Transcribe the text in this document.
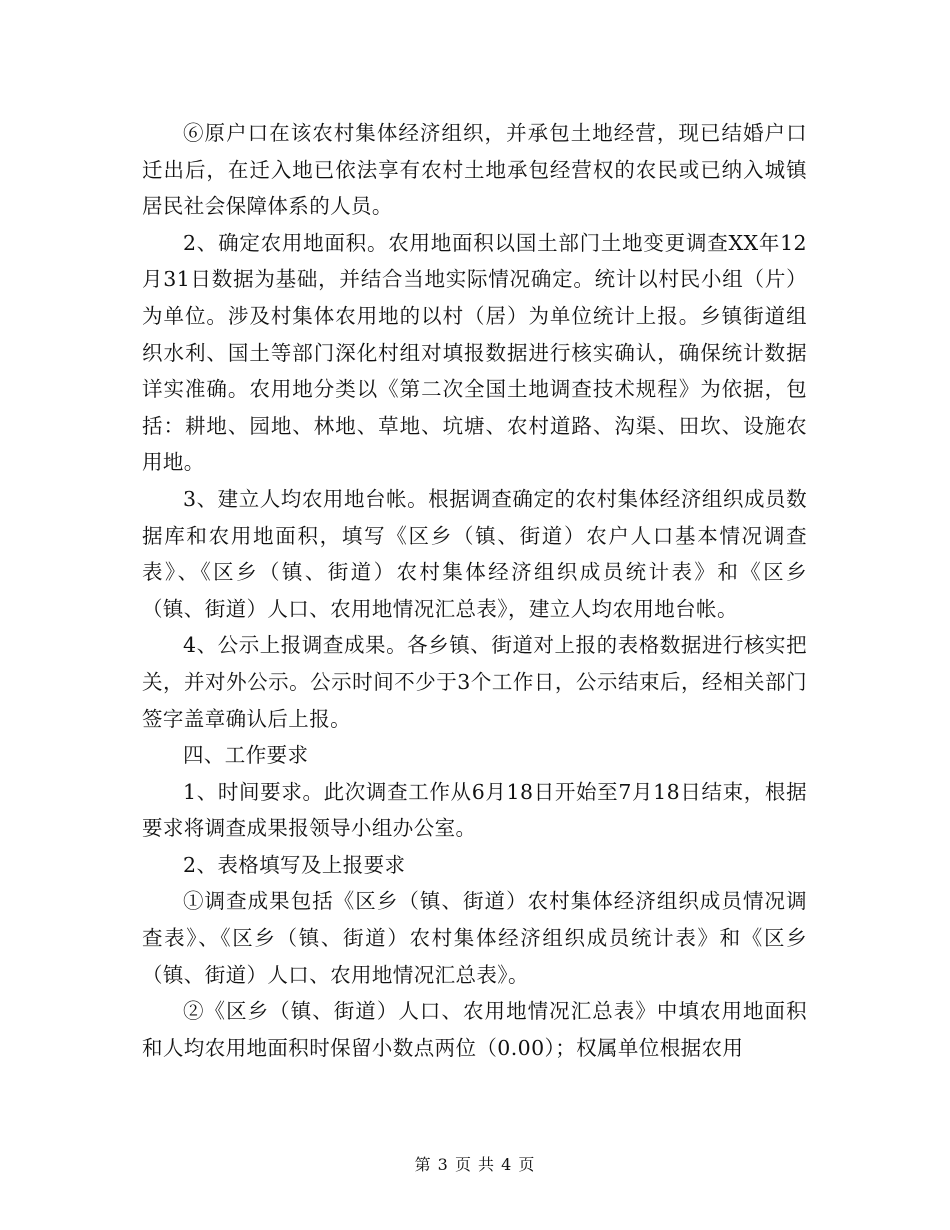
⑥原户口在该农村集体经济组织，并承包土地经营，现已结婚户口迁出后，在迁入地已依法享有农村土地承包经营权的农民或已纳入城镇居民社会保障体系的人员。

2、确定农用地面积。农用地面积以国土部门土地变更调查XX年12月31日数据为基础，并结合当地实际情况确定。统计以村民小组（片）为单位。涉及村集体农用地的以村（居）为单位统计上报。乡镇街道组织水利、国土等部门深化村组对填报数据进行核实确认，确保统计数据详实准确。农用地分类以《第二次全国土地调查技术规程》为依据，包括：耕地、园地、林地、草地、坑塘、农村道路、沟渠、田坎、设施农用地。

3、建立人均农用地台帐。根据调查确定的农村集体经济组织成员数据库和农用地面积，填写《区乡（镇、街道）农户人口基本情况调查表》、《区乡（镇、街道）农村集体经济组织成员统计表》和《区乡（镇、街道）人口、农用地情况汇总表》，建立人均农用地台帐。

4、公示上报调查成果。各乡镇、街道对上报的表格数据进行核实把关，并对外公示。公示时间不少于3个工作日，公示结束后，经相关部门签字盖章确认后上报。

四、工作要求

1、时间要求。此次调查工作从6月18日开始至7月18日结束，根据要求将调查成果报领导小组办公室。

2、表格填写及上报要求

①调查成果包括《区乡（镇、街道）农村集体经济组织成员情况调查表》、《区乡（镇、街道）农村集体经济组织成员统计表》和《区乡（镇、街道）人口、农用地情况汇总表》。

②《区乡（镇、街道）人口、农用地情况汇总表》中填农用地面积和人均农用地面积时保留小数点两位（0.00）；权属单位根据农用

第 3 页 共 4 页
